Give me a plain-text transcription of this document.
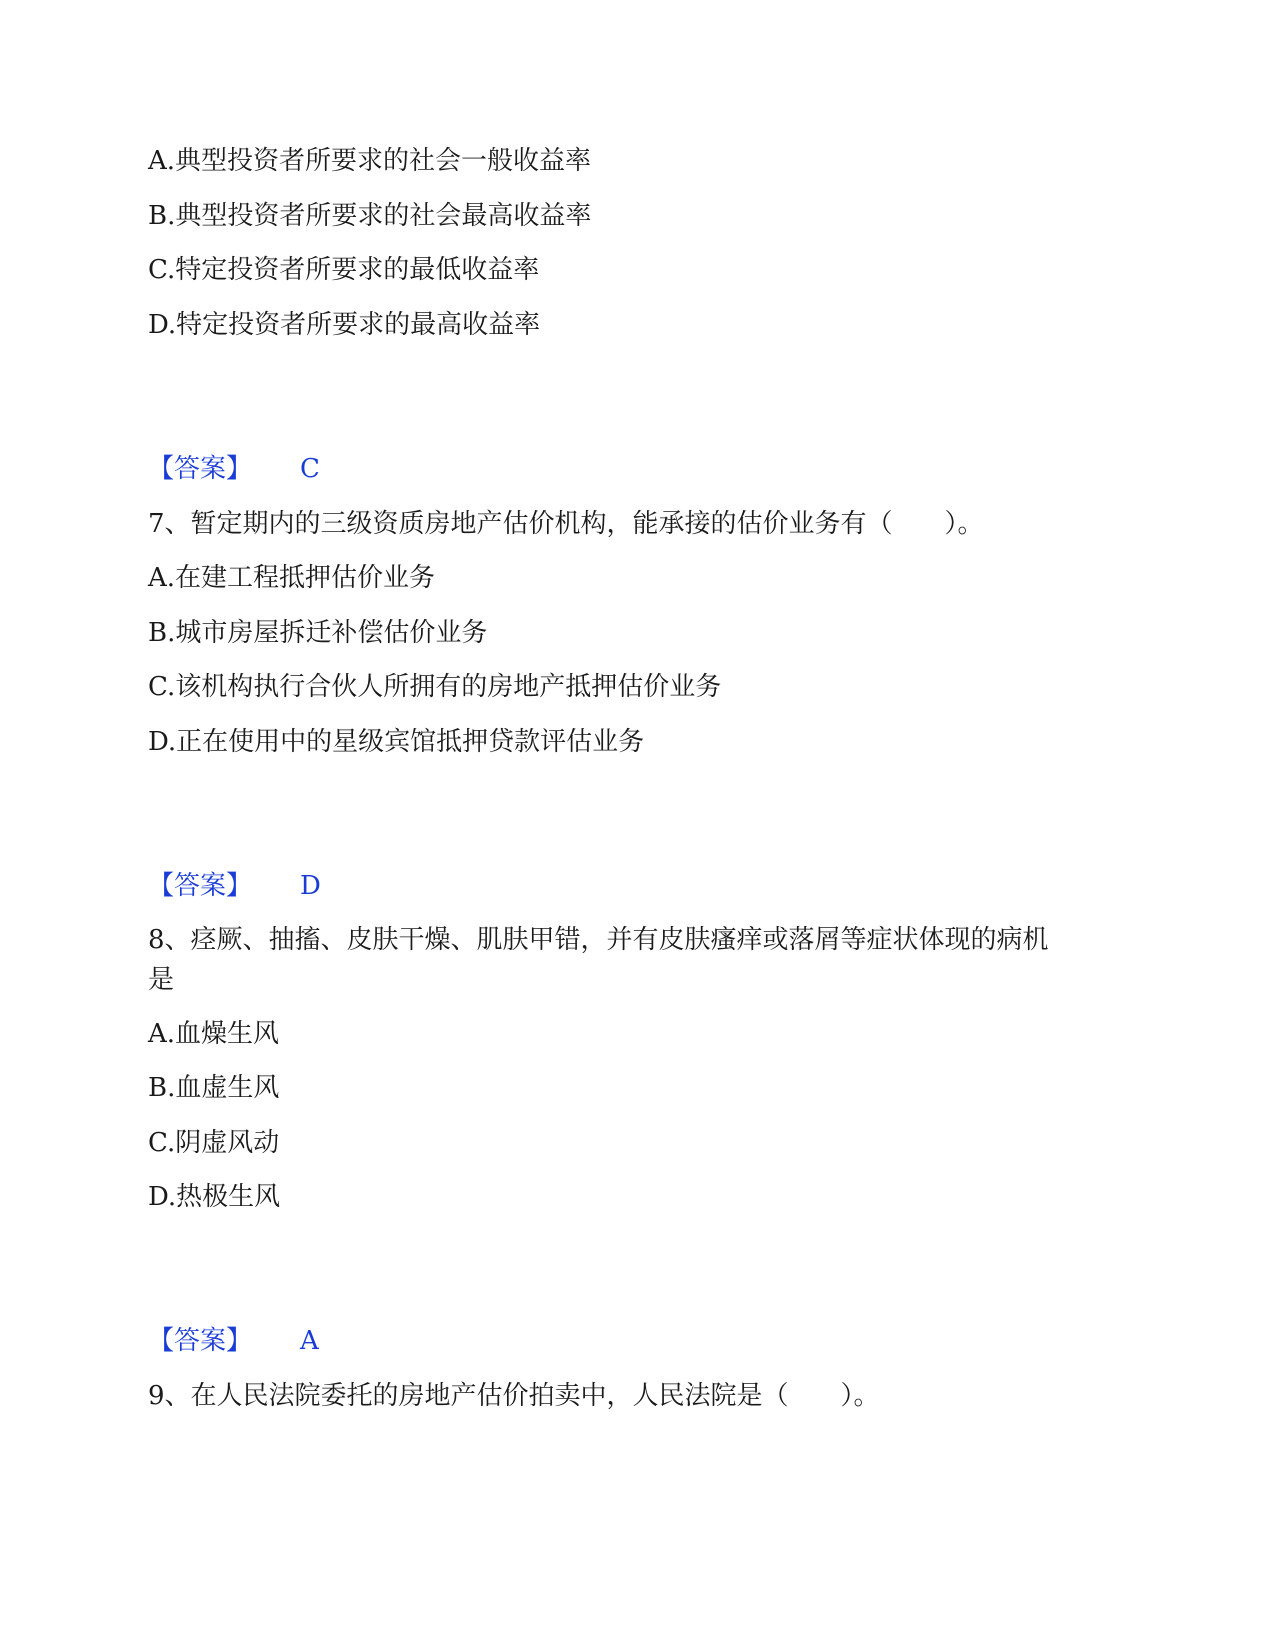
A.典型投资者所要求的社会一般收益率
B.典型投资者所要求的社会最高收益率
C.特定投资者所要求的最低收益率
D.特定投资者所要求的最高收益率
【答案】 C
7、暂定期内的三级资质房地产估价机构，能承接的估价业务有（　　）。
A.在建工程抵押估价业务
B.城市房屋拆迁补偿估价业务
C.该机构执行合伙人所拥有的房地产抵押估价业务
D.正在使用中的星级宾馆抵押贷款评估业务
【答案】 D
8、痉厥、抽搐、皮肤干燥、肌肤甲错，并有皮肤瘙痒或落屑等症状体现的病机是
A.血燥生风
B.血虚生风
C.阴虚风动
D.热极生风
【答案】 A
9、在人民法院委托的房地产估价拍卖中，人民法院是（　　）。
